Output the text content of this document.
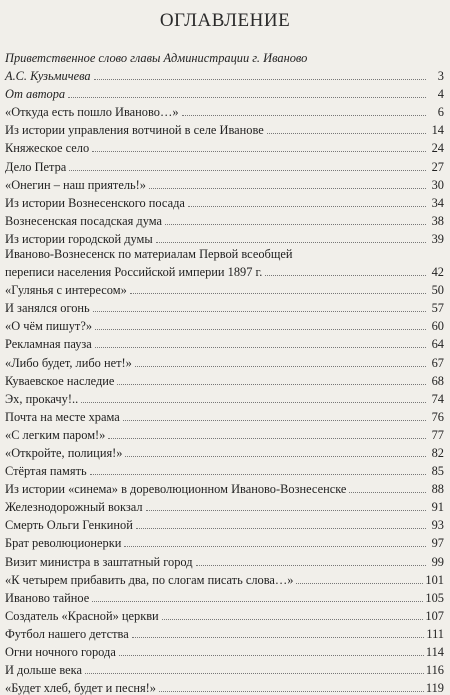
ОГЛАВЛЕНИЕ
Приветственное слово главы Администрации г. Иваново
А.С. Кузьмичева	3
От автора	4
«Откуда есть пошло Иваново…»	6
Из истории управления вотчиной в селе Иванове	14
Княжеское село	24
Дело Петра	27
«Онегин – наш приятель!»	30
Из истории Вознесенского посада	34
Вознесенская посадская дума	38
Из истории городской думы	39
Иваново-Вознесенск по материалам Первой всеобщей
переписи населения Российской империи 1897 г.	42
«Гулянья с интересом»	50
И занялся огонь	57
«О чём пишут?»	60
Рекламная пауза	64
«Либо будет, либо нет!»	67
Куваевское наследие	68
Эх, прокачу!..	74
Почта на месте храма	76
«С легким паром!»	77
«Откройте, полиция!»	82
Стёртая память	85
Из истории «синема» в дореволюционном Иваново-Вознесенске	88
Железнодорожный вокзал	91
Смерть Ольги Генкиной	93
Брат революционерки	97
Визит министра в заштатный город	99
«К четырем прибавить два, по слогам писать слова…»	101
Иваново тайное	105
Создатель «Красной» церкви	107
Футбол нашего детства	111
Огни ночного города	114
И дольше века	116
«Будет хлеб, будет и песня!»	119
